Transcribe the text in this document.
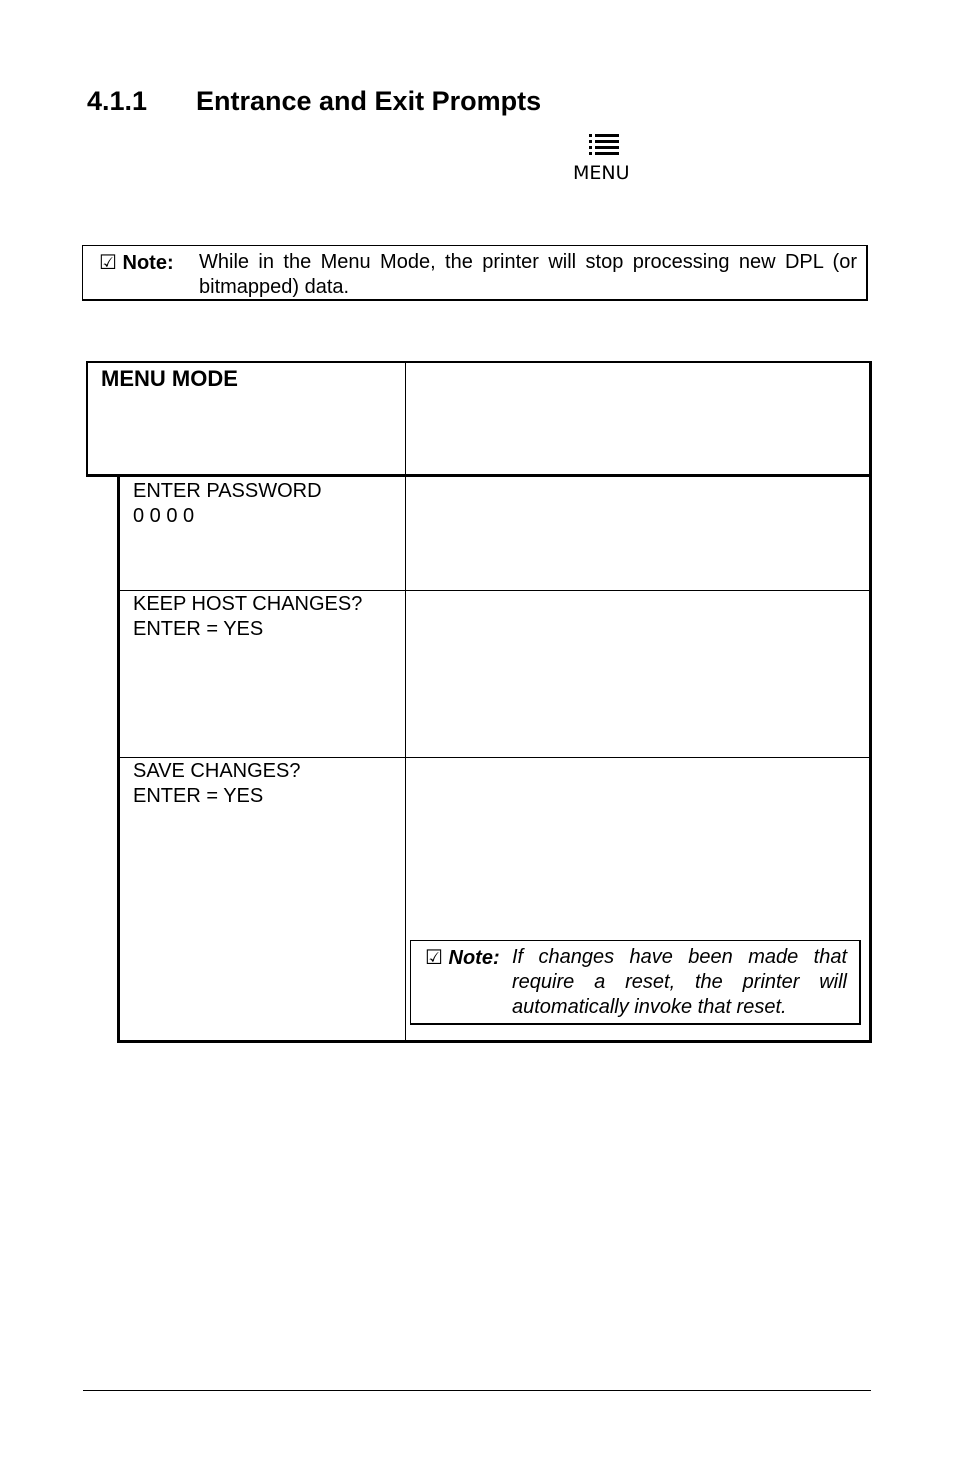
4.1.1 Entrance and Exit Prompts
MENU
☑ Note: While in the Menu Mode, the printer will stop processing new DPL (or bitmapped) data.
MENU MODE
ENTER PASSWORD
0 0 0 0
KEEP HOST CHANGES?
ENTER = YES
SAVE CHANGES?
ENTER = YES
☑ Note: If changes have been made that require a reset, the printer will automatically invoke that reset.
